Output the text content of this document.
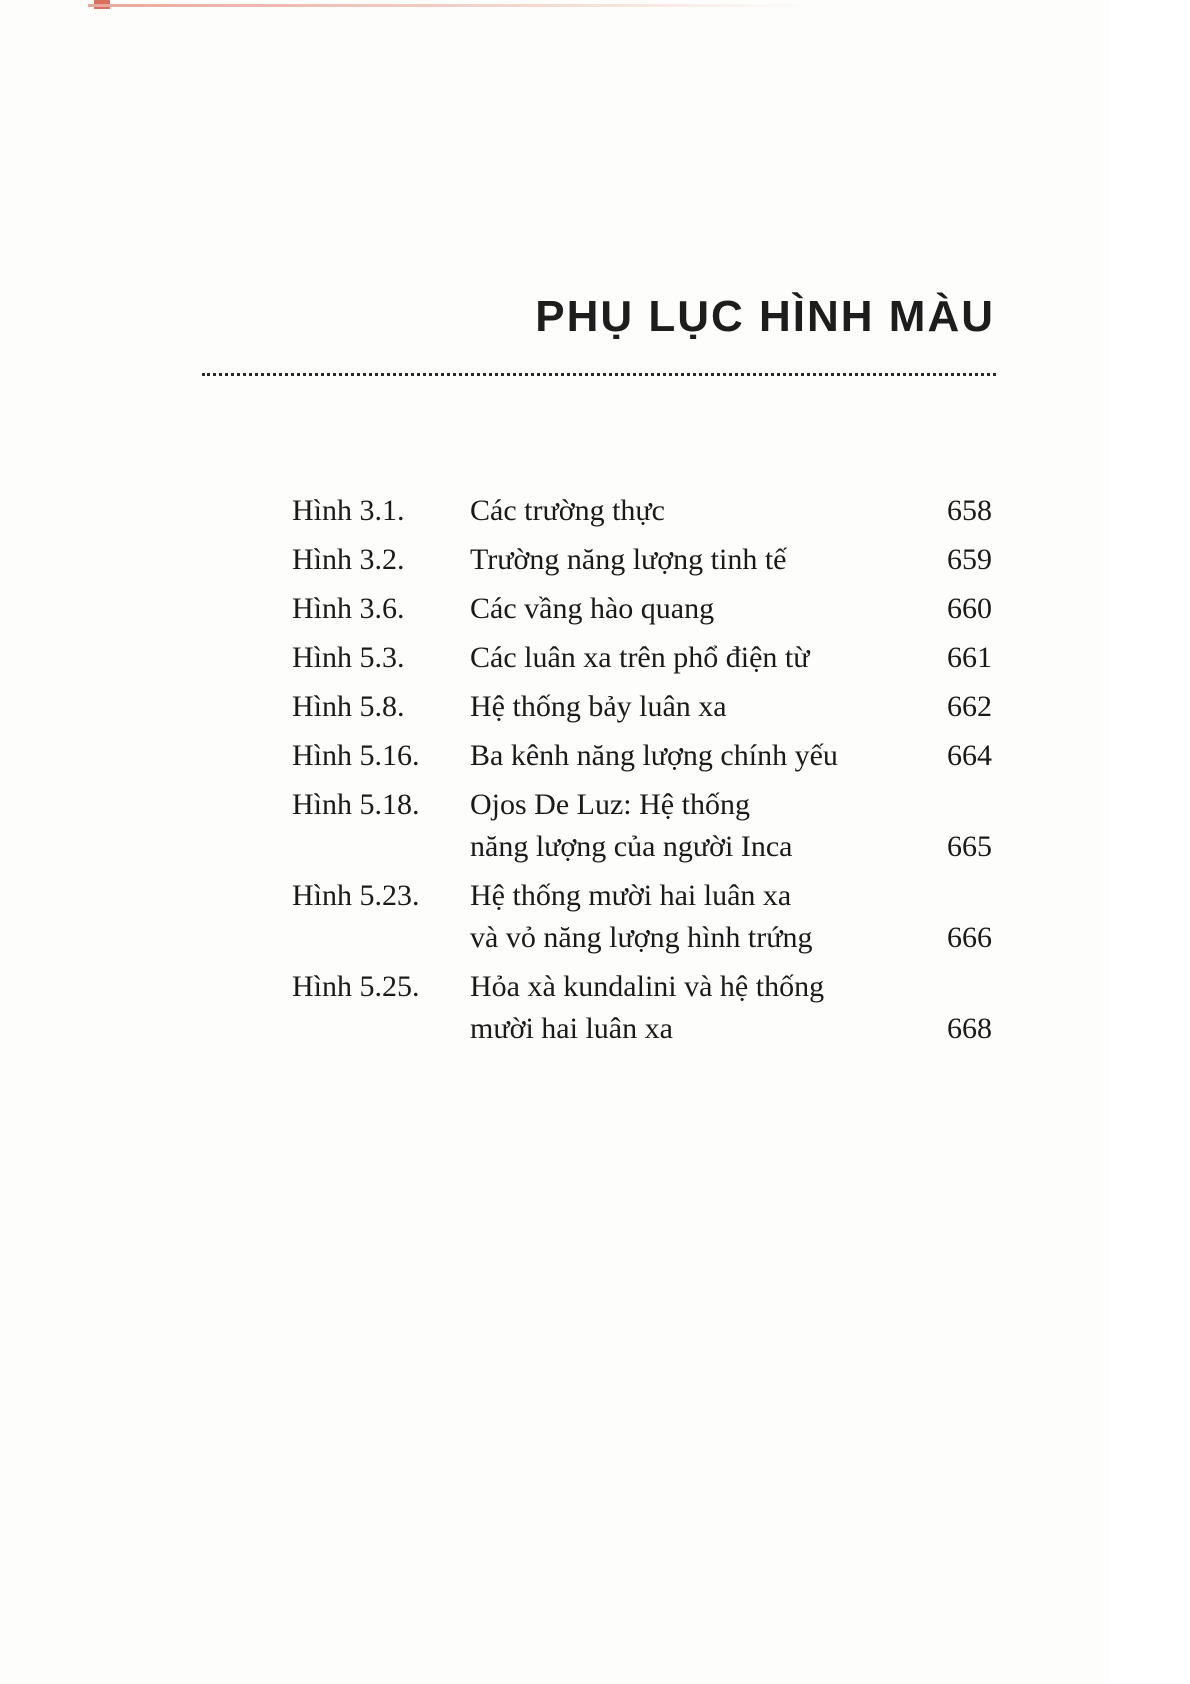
PHỤ LỤC HÌNH MÀU
Hình 3.1.	Các trường thực	658
Hình 3.2.	Trường năng lượng tinh tế	659
Hình 3.6.	Các vầng hào quang	660
Hình 5.3.	Các luân xa trên phổ điện từ	661
Hình 5.8.	Hệ thống bảy luân xa	662
Hình 5.16.	Ba kênh năng lượng chính yếu	664
Hình 5.18.	Ojos De Luz: Hệ thống
năng lượng của người Inca	665
Hình 5.23.	Hệ thống mười hai luân xa
và vỏ năng lượng hình trứng	666
Hình 5.25.	Hỏa xà kundalini và hệ thống
mười hai luân xa	668
